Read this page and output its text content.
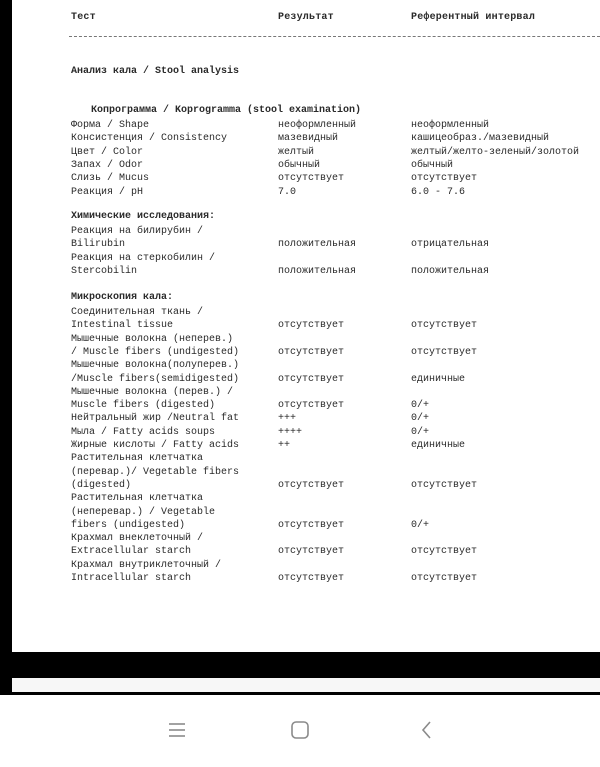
Тест	Результат	Референтный интервал
Анализ кала / Stool analysis
Копрограмма / Koprogramma (stool examination)
Форма / Shape	неоформленный	неоформленный
Консистенция / Consistency	мазевидный	кашицеобраз./мазевидный
Цвет / Color	желтый	желтый/желто-зеленый/золотой
Запах / Odor	обычный	обычный
Слизь / Mucus	отсутствует	отсутствует
Реакция / pH	7.0	6.0 - 7.6
Химические исследования:
Реакция на билирубин /
Bilirubin	положительная	отрицательная
Реакция на стеркобилин /
Stercobilin	положительная	положительная
Микроскопия кала:
Соединительная ткань /
Intestinal tissue	отсутствует	отсутствует
Мышечные волокна (неперев.)
/ Muscle fibers (undigested)	отсутствует	отсутствует
Мышечные волокна(полуперев.)
/Muscle fibers(semidigested)	отсутствует	единичные
Мышечные волокна (перев.) /
Muscle fibers (digested)	отсутствует	0/+
Нейтральный жир /Neutral fat	+++	0/+
Мыла / Fatty acids soups	++++	0/+
Жирные кислоты / Fatty acids	++	единичные
Растительная клетчатка
(перевар.)/ Vegetable fibers
(digested)	отсутствует	отсутствует
Растительная клетчатка
(неперевар.) / Vegetable
fibers (undigested)	отсутствует	0/+
Крахмал внеклеточный /
Extracellular starch	отсутствует	отсутствует
Крахмал внутриклеточный /
Intracellular starch	отсутствует	отсутствует
